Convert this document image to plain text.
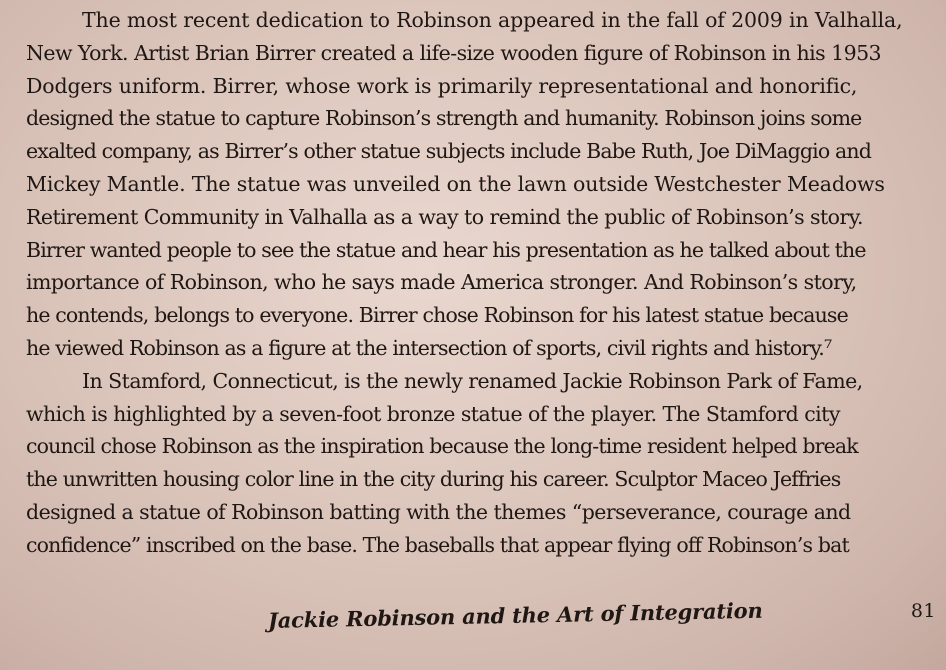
The most recent dedication to Robinson appeared in the fall of 2009 in Valhalla,
New York. Artist Brian Birrer created a life-size wooden figure of Robinson in his 1953
Dodgers uniform. Birrer, whose work is primarily representational and honorific,
designed the statue to capture Robinson’s strength and humanity. Robinson joins some
exalted company, as Birrer’s other statue subjects include Babe Ruth, Joe DiMaggio and
Mickey Mantle. The statue was unveiled on the lawn outside Westchester Meadows
Retirement Community in Valhalla as a way to remind the public of Robinson’s story.
Birrer wanted people to see the statue and hear his presentation as he talked about the
importance of Robinson, who he says made America stronger. And Robinson’s story,
he contends, belongs to everyone. Birrer chose Robinson for his latest statue because
he viewed Robinson as a figure at the intersection of sports, civil rights and history.⁷
In Stamford, Connecticut, is the newly renamed Jackie Robinson Park of Fame,
which is highlighted by a seven-foot bronze statue of the player. The Stamford city
council chose Robinson as the inspiration because the long-time resident helped break
the unwritten housing color line in the city during his career. Sculptor Maceo Jeffries
designed a statue of Robinson batting with the themes “perseverance, courage and
confidence” inscribed on the base. The baseballs that appear flying off Robinson’s bat
81
Jackie Robinson and the Art of Integration
